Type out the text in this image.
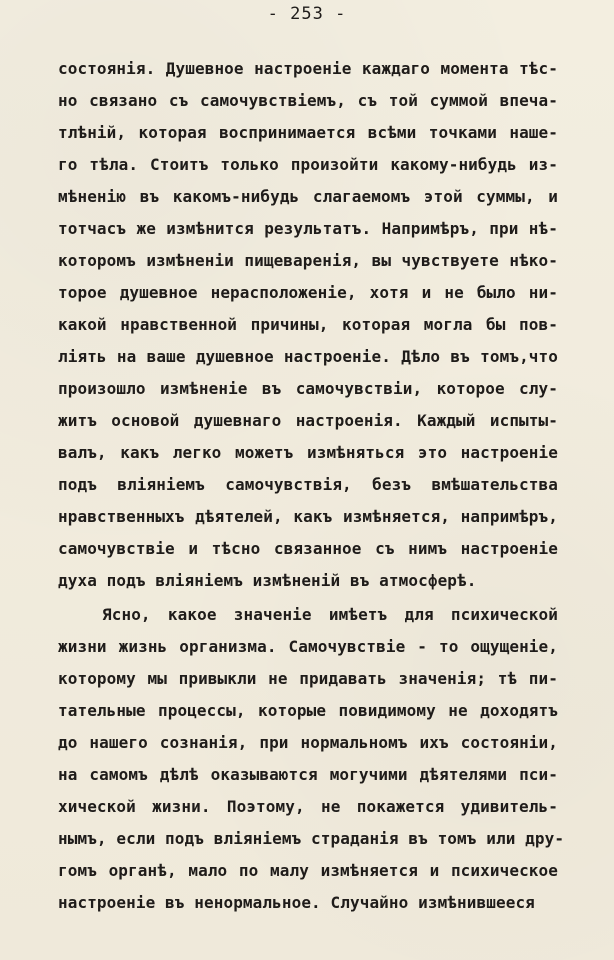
- 253 -
состоянія. Душевное настроеніе каждаго момента тѣс-
но связано съ самочувствіемъ, съ той суммой впеча-
тлѣній, которая воспринимается всѣми точками наше-
го тѣла. Стоитъ только произойти какому-нибудь из-
мѣненію въ какомъ-нибудь слагаемомъ этой суммы, и
тотчасъ же измѣнится результатъ. Напримѣръ, при нѣ-
которомъ измѣненіи пищеваренія, вы чувствуете нѣко-
торое душевное нерасположеніе, хотя и не было ни-
какой нравственной причины, которая могла бы пов-
ліять на ваше душевное настроеніе. Дѣло въ томъ,что
произошло измѣненіе въ самочувствіи, которое слу-
житъ основой душевнаго настроенія. Каждый испыты-
валъ, какъ легко можетъ измѣняться это настроеніе
подъ вліяніемъ самочувствія, безъ вмѣшательства
нравственныхъ дѣятелей, какъ измѣняется, напримѣръ,
самочувствіе и тѣсно связанное съ нимъ настроеніе
духа подъ вліяніемъ измѣненій въ атмосферѣ.
Ясно, какое значеніе имѣетъ для психической
жизни жизнь организма. Самочувствіе - то ощущеніе,
которому мы привыкли не придавать значенія; тѣ пи-
тательные процессы, которые повидимому не доходятъ
до нашего сознанія, при нормальномъ ихъ состояніи,
на самомъ дѣлѣ оказываются могучими дѣятелями пси-
хической жизни. Поэтому, не покажется удивитель-
нымъ, если подъ вліяніемъ страданія въ томъ или дру-
гомъ органѣ, мало по малу измѣняется и психическое
настроеніе въ ненормальное. Случайно измѣнившееся
